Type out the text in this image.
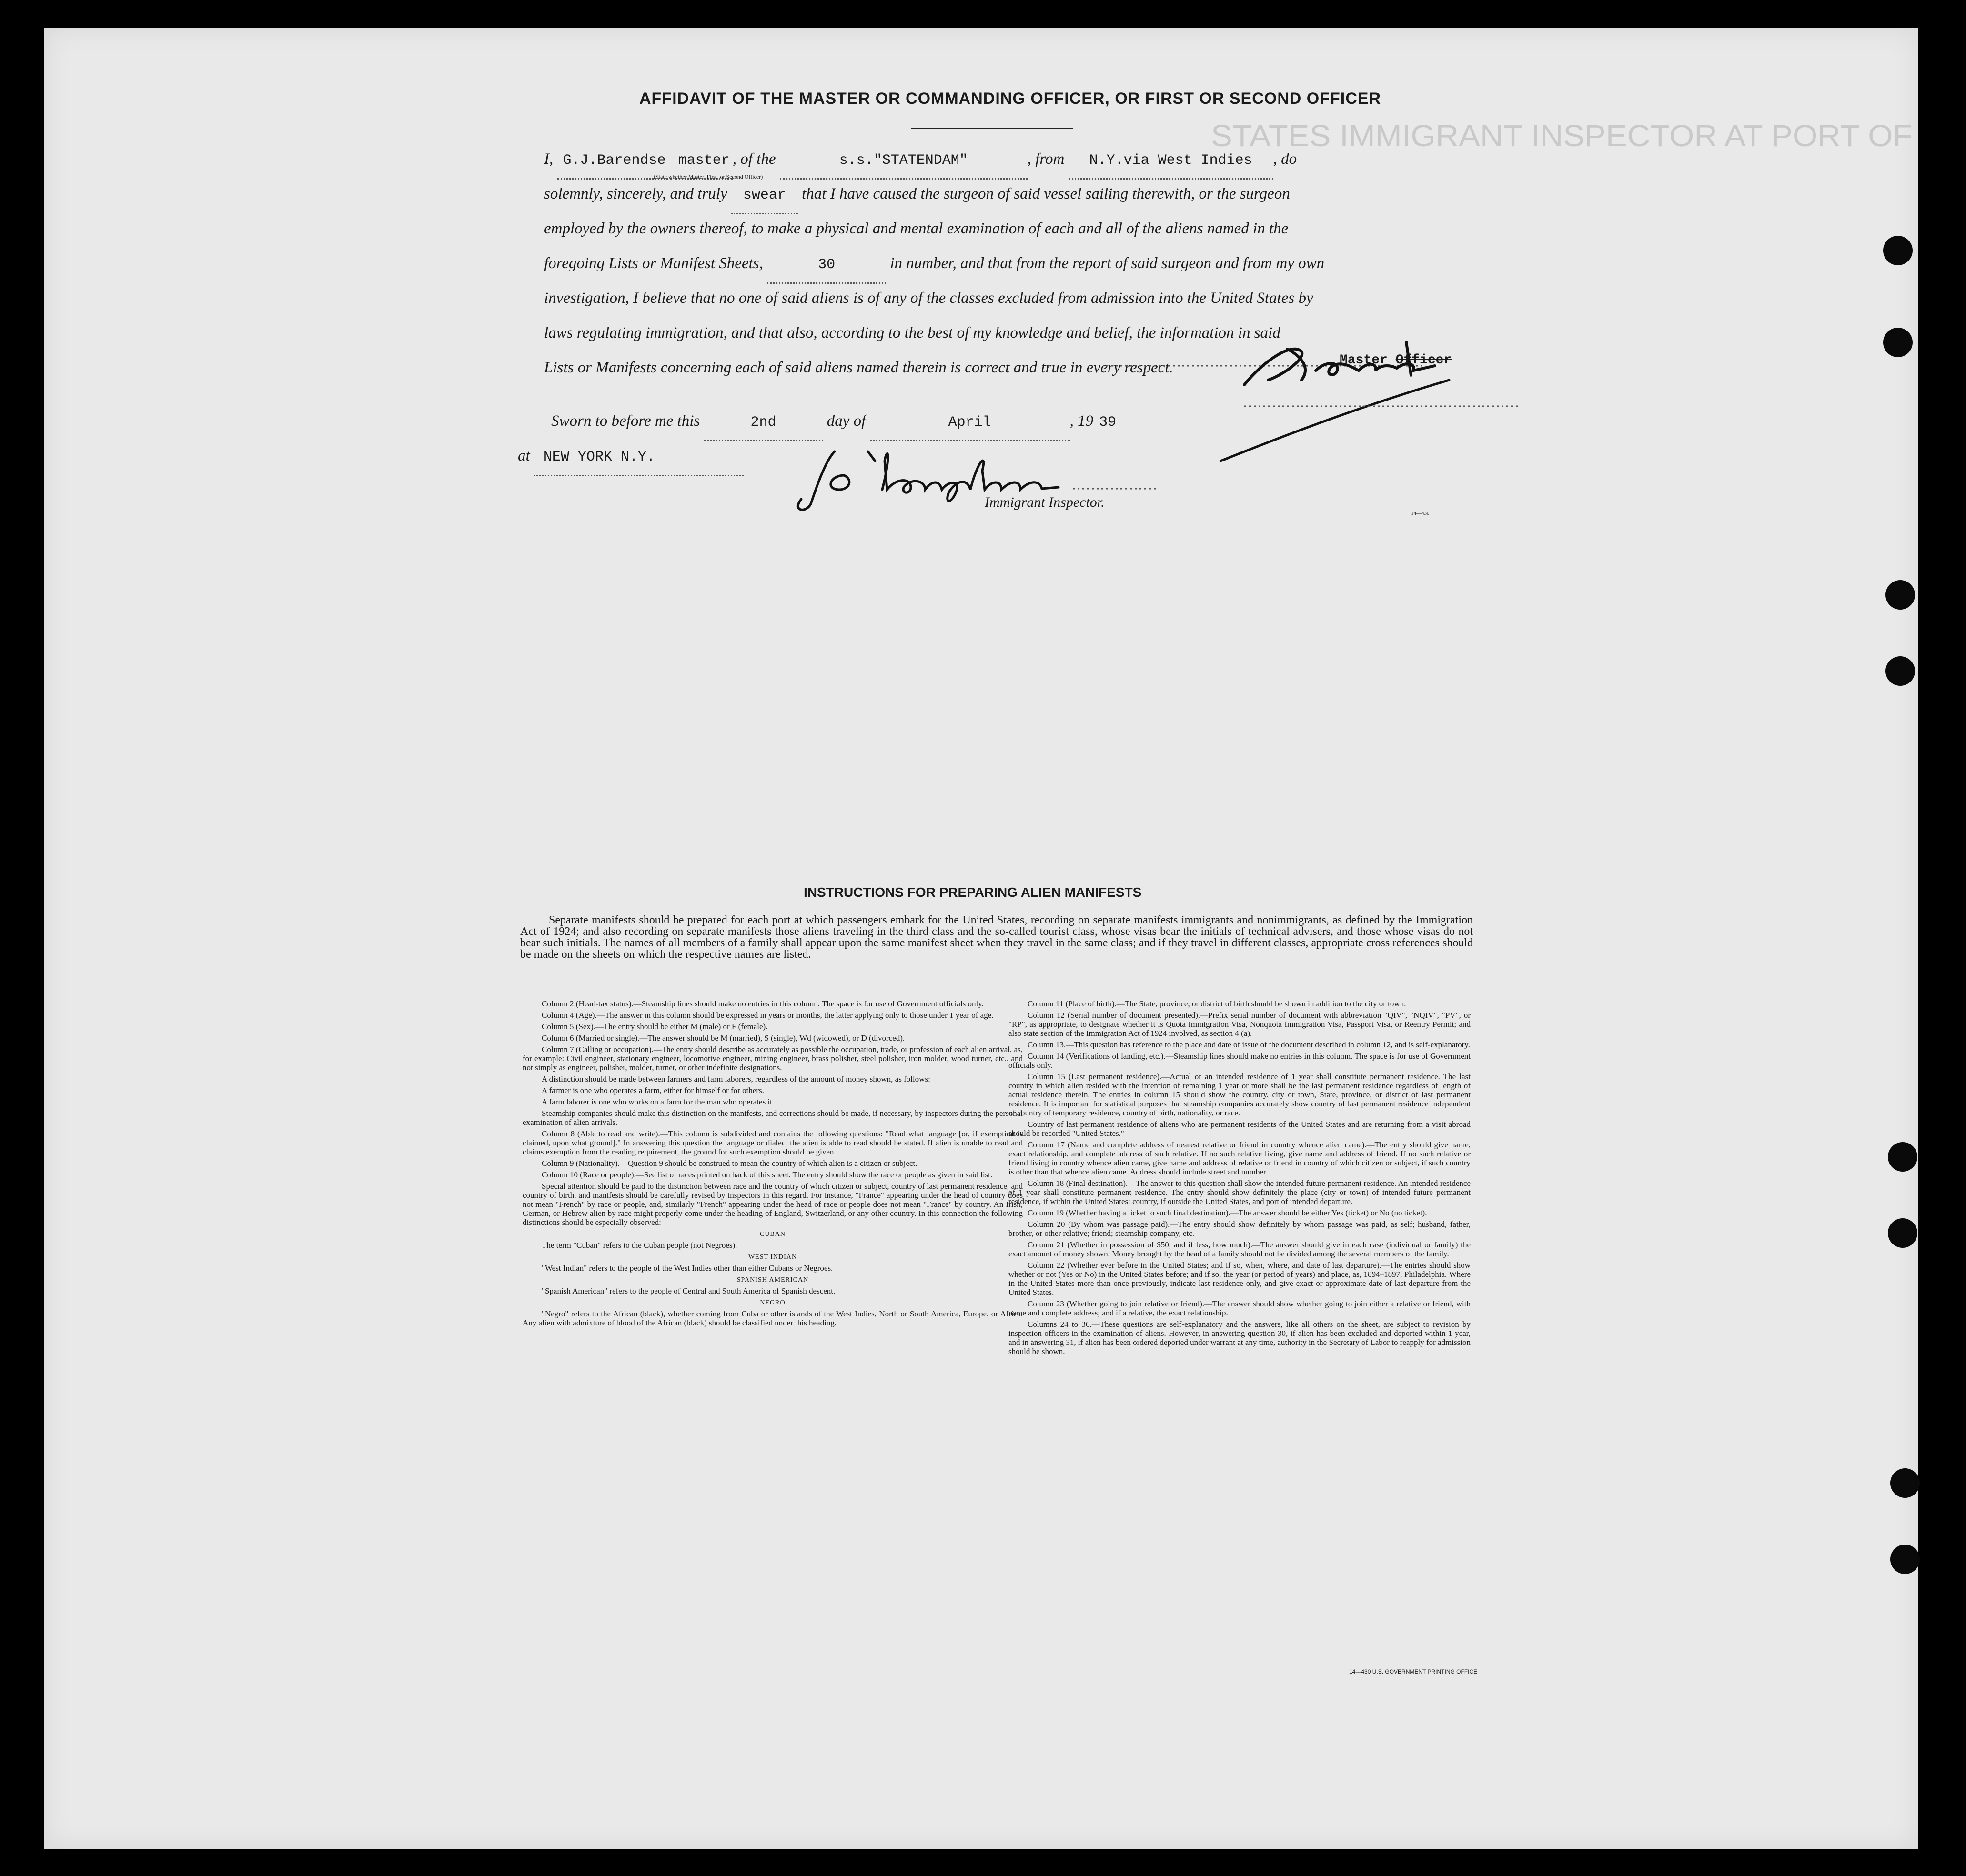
STATES IMMIGRANT INSPECTOR AT PORT OF
AFFIDAVIT OF THE MASTER OR COMMANDING OFFICER, OR FIRST OR SECOND OFFICER
I, G.J.Barendse master , of the	s.s."STATENDAM"	, from N.Y.via West Indies , do
(State whether Master, First, or Second Officer)
solemnly, sincerely, and truly swear that I have caused the surgeon of said vessel sailing therewith, or the surgeon
employed by the owners thereof, to make a physical and mental examination of each and all of the aliens named in the
foregoing Lists or Manifest Sheets,	30	in number, and that from the report of said surgeon and from my own
investigation, I believe that no one of said aliens is of any of the classes excluded from admission into the United States by
laws regulating immigration, and that also, according to the best of my knowledge and belief, the information in said
Lists or Manifests concerning each of said aliens named therein is correct and true in every respect.	Master Officer
Sworn to before me this	2nd	day of	April	, 19 39
at NEW YORK N.Y.
Immigrant Inspector.
14—430
INSTRUCTIONS FOR PREPARING ALIEN MANIFESTS
Separate manifests should be prepared for each port at which passengers embark for the United States, recording on separate manifests immigrants and nonimmigrants, as defined by the Immigration Act of 1924; and also recording on separate manifests those aliens traveling in the third class and the so-called tourist class, whose visas bear the initials of technical advisers, and those whose visas do not bear such initials. The names of all members of a family shall appear upon the same manifest sheet when they travel in the same class; and if they travel in different classes, appropriate cross references should be made on the sheets on which the respective names are listed.

Column 2 (Head-tax status).—Steamship lines should make no entries in this column. The space is for use of Government officials only.

Column 4 (Age).—The answer in this column should be expressed in years or months, the latter applying only to those under 1 year of age.

Column 5 (Sex).—The entry should be either M (male) or F (female).

Column 6 (Married or single).—The answer should be M (married), S (single), Wd (widowed), or D (divorced).

Column 7 (Calling or occupation).—The entry should describe as accurately as possible the occupation, trade, or profession of each alien arrival, as, for example: Civil engineer, stationary engineer, locomotive engineer, mining engineer, brass polisher, steel polisher, iron molder, wood turner, etc., and not simply as engineer, polisher, molder, turner, or other indefinite designations.

A distinction should be made between farmers and farm laborers, regardless of the amount of money shown, as follows:

A farmer is one who operates a farm, either for himself or for others.

A farm laborer is one who works on a farm for the man who operates it.

Steamship companies should make this distinction on the manifests, and corrections should be made, if necessary, by inspectors during the personal examination of alien arrivals.

Column 8 (Able to read and write).—This column is subdivided and contains the following questions: "Read what language [or, if exemption is claimed, upon what ground]." In answering this question the language or dialect the alien is able to read should be stated. If alien is unable to read and claims exemption from the reading requirement, the ground for such exemption should be given.

Column 9 (Nationality).—Question 9 should be construed to mean the country of which alien is a citizen or subject.

Column 10 (Race or people).—See list of races printed on back of this sheet. The entry should show the race or people as given in said list.

Special attention should be paid to the distinction between race and the country of which citizen or subject, country of last permanent residence, and country of birth, and manifests should be carefully revised by inspectors in this regard. For instance, "France" appearing under the head of country does not mean "French" by race or people, and, similarly "French" appearing under the head of race or people does not mean "France" by country. An Irish, German, or Hebrew alien by race might properly come under the heading of England, Switzerland, or any other country. In this connection the following distinctions should be especially observed:

CUBAN

The term "Cuban" refers to the Cuban people (not Negroes).

WEST INDIAN

"West Indian" refers to the people of the West Indies other than either Cubans or Negroes.

SPANISH AMERICAN

"Spanish American" refers to the people of Central and South America of Spanish descent.

NEGRO

"Negro" refers to the African (black), whether coming from Cuba or other islands of the West Indies, North or South America, Europe, or Africa. Any alien with admixture of blood of the African (black) should be classified under this heading.

Column 11 (Place of birth).—The State, province, or district of birth should be shown in addition to the city or town.

Column 12 (Serial number of document presented).—Prefix serial number of document with abbreviation "QIV", "NQIV", "PV", or "RP", as appropriate, to designate whether it is Quota Immigration Visa, Nonquota Immigration Visa, Passport Visa, or Reentry Permit; and also state section of the Immigration Act of 1924 involved, as section 4 (a).

Column 13.—This question has reference to the place and date of issue of the document described in column 12, and is self-explanatory.

Column 14 (Verifications of landing, etc.).—Steamship lines should make no entries in this column. The space is for use of Government officials only.

Column 15 (Last permanent residence).—Actual or an intended residence of 1 year shall constitute permanent residence. The last country in which alien resided with the intention of remaining 1 year or more shall be the last permanent residence regardless of length of actual residence therein. The entries in column 15 should show the country, city or town, State, province, or district of last permanent residence. It is important for statistical purposes that steamship companies accurately show country of last permanent residence independent of country of temporary residence, country of birth, nationality, or race.

Country of last permanent residence of aliens who are permanent residents of the United States and are returning from a visit abroad should be recorded "United States."

Column 17 (Name and complete address of nearest relative or friend in country whence alien came).—The entry should give name, exact relationship, and complete address of such relative. If no such relative living, give name and address of friend. If no such relative or friend living in country whence alien came, give name and address of relative or friend in country of which citizen or subject, if such country is other than that whence alien came. Address should include street and number.

Column 18 (Final destination).—The answer to this question shall show the intended future permanent residence. An intended residence of 1 year shall constitute permanent residence. The entry should show definitely the place (city or town) of intended future permanent residence, if within the United States; country, if outside the United States, and port of intended departure.

Column 19 (Whether having a ticket to such final destination).—The answer should be either Yes (ticket) or No (no ticket).

Column 20 (By whom was passage paid).—The entry should show definitely by whom passage was paid, as self; husband, father, brother, or other relative; friend; steamship company, etc.

Column 21 (Whether in possession of $50, and if less, how much).—The answer should give in each case (individual or family) the exact amount of money shown. Money brought by the head of a family should not be divided among the several members of the family.

Column 22 (Whether ever before in the United States; and if so, when, where, and date of last departure).—The entries should show whether or not (Yes or No) in the United States before; and if so, the year (or period of years) and place, as, 1894–1897, Philadelphia. Where in the United States more than once previously, indicate last residence only, and give exact or approximate date of last departure from the United States.

Column 23 (Whether going to join relative or friend).—The answer should show whether going to join either a relative or friend, with name and complete address; and if a relative, the exact relationship.

Columns 24 to 36.—These questions are self-explanatory and the answers, like all others on the sheet, are subject to revision by inspection officers in the examination of aliens. However, in answering question 30, if alien has been excluded and deported within 1 year, and in answering 31, if alien has been ordered deported under warrant at any time, authority in the Secretary of Labor to reapply for admission should be shown.

14—430 U.S. GOVERNMENT PRINTING OFFICE
